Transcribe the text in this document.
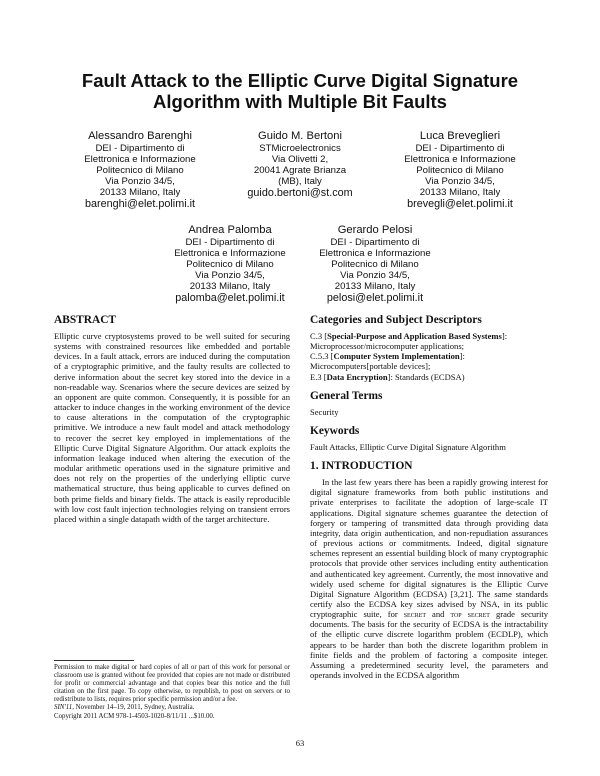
Fault Attack to the Elliptic Curve Digital Signature
Algorithm with Multiple Bit Faults
Alessandro Barenghi
DEI - Dipartimento di
Elettronica e Informazione
Politecnico di Milano
Via Ponzio 34/5,
20133 Milano, Italy
barenghi@elet.polimi.it
Guido M. Bertoni
STMicroelectronics
Via Olivetti 2,
20041 Agrate Brianza
(MB), Italy
guido.bertoni@st.com
Luca Breveglieri
DEI - Dipartimento di
Elettronica e Informazione
Politecnico di Milano
Via Ponzio 34/5,
20133 Milano, Italy
brevegli@elet.polimi.it
Andrea Palomba
DEI - Dipartimento di
Elettronica e Informazione
Politecnico di Milano
Via Ponzio 34/5,
20133 Milano, Italy
palomba@elet.polimi.it
Gerardo Pelosi
DEI - Dipartimento di
Elettronica e Informazione
Politecnico di Milano
Via Ponzio 34/5,
20133 Milano, Italy
pelosi@elet.polimi.it
ABSTRACT

Elliptic curve cryptosystems proved to be well suited for securing systems with constrained resources like embedded and portable devices. In a fault attack, errors are induced during the computation of a cryptographic primitive, and the faulty results are collected to derive information about the secret key stored into the device in a non-readable way. Scenarios where the secure devices are seized by an opponent are quite common. Consequently, it is possible for an attacker to induce changes in the working environment of the device to cause alterations in the computation of the cryptographic primitive. We introduce a new fault model and attack methodology to recover the secret key employed in implementations of the Elliptic Curve Digital Signature Algorithm. Our attack exploits the information leakage induced when altering the execution of the modular arithmetic operations used in the signature primitive and does not rely on the properties of the underlying elliptic curve mathematical structure, thus being applicable to curves defined on both prime fields and binary fields. The attack is easily reproducible with low cost fault injection technologies relying on transient errors placed within a single datapath width of the target architecture.

Permission to make digital or hard copies of all or part of this work for personal or classroom use is granted without fee provided that copies are not made or distributed for profit or commercial advantage and that copies bear this notice and the full citation on the first page. To copy otherwise, to republish, to post on servers or to redistribute to lists, requires prior specific permission and/or a fee.

SIN'11, November 14–19, 2011, Sydney, Australia.

Copyright 2011 ACM 978-1-4503-1020-8/11/11 ...$10.00.

Categories and Subject Descriptors

C.3 [Special-Purpose and Application Based Systems]: Microprocessor/microcomputer applications;

C.5.3 [Computer System Implementation]: Microcomputers[portable devices];

E.3 [Data Encryption]: Standards (ECDSA)

General Terms

Security

Keywords

Fault Attacks, Elliptic Curve Digital Signature Algorithm

1. INTRODUCTION

In the last few years there has been a rapidly growing interest for digital signature frameworks from both public institutions and private enterprises to facilitate the adoption of large-scale IT applications. Digital signature schemes guarantee the detection of forgery or tampering of transmitted data through providing data integrity, data origin authentication, and non-repudiation assurances of previous actions or commitments. Indeed, digital signature schemes represent an essential building block of many cryptographic protocols that provide other services including entity authentication and authenticated key agreement. Currently, the most innovative and widely used scheme for digital signatures is the Elliptic Curve Digital Signature Algorithm (ECDSA) [3,21]. The same standards certify also the ECDSA key sizes advised by NSA, in its public cryptographic suite, for secret and top secret grade security documents. The basis for the security of ECDSA is the intractability of the elliptic curve discrete logarithm problem (ECDLP), which appears to be harder than both the discrete logarithm problem in finite fields and the problem of factoring a composite integer. Assuming a predetermined security level, the parameters and operands involved in the ECDSA algorithm

63
